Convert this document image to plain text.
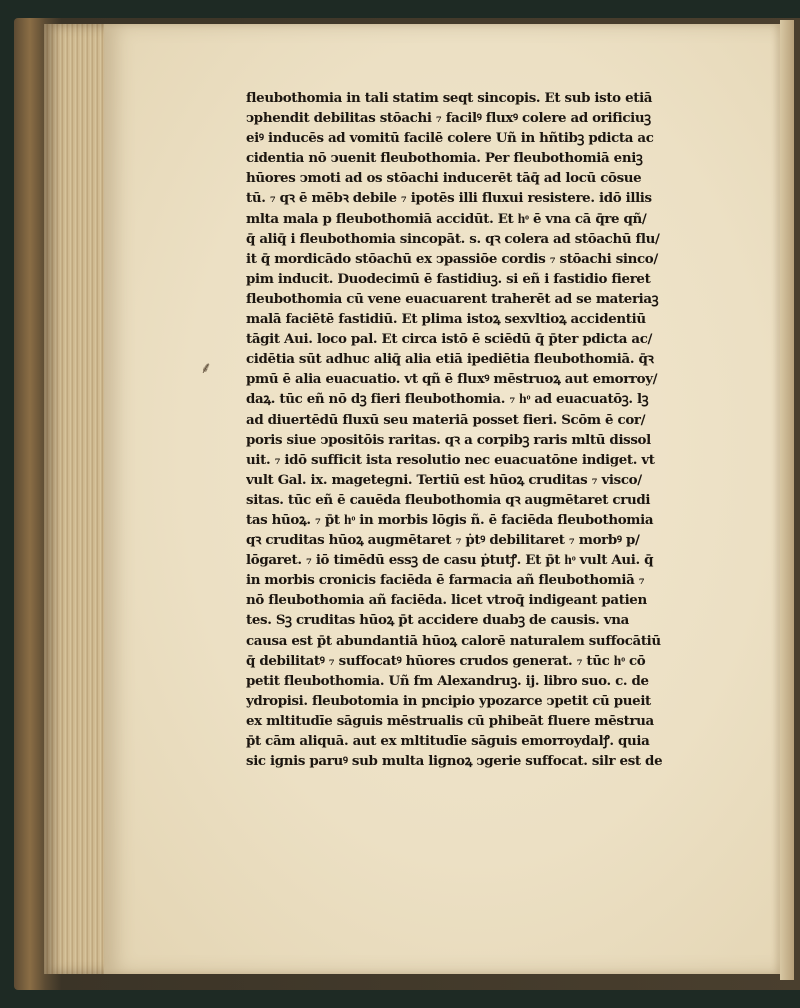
⸙
fleubothomia in tali statim seqt sincopis. Et sub isto etiā
ↄphendit debilitas stōachi ₇ facilꝰ fluxꝰ colere ad orificiuꝫ
eiꝰ inducēs ad vomitū facilē colere Uñ in hñtibꝫ pdicta ac
cidentia nō ↄuenit fleubothomia. Per fleubothomiā eniꝫ
hūores ↄmoti ad os stōachi inducerēt tāq̄ ad locū cōsue
tū. ₇ qꝛ ē mēbꝛ debile ₇ ipotēs illi fluxui resistere. idō illis
mlta mala p fleubothomiā accidūt. Et hͦ ē vna cā q̄re qñ/
q̄ aliq̄ i fleubothomia sincopāt. s. qꝛ colera ad stōachū flu/
it q̄ mordicādo stōachū ex ↄpassiōe cordis ₇ stōachi sinco/
pim inducit. Duodecimū ē fastidiuꝫ. si eñ i fastidio fieret
fleubothomia cū vene euacuarent traherēt ad se materiaꝫ
malā faciētē fastidiū. Et plima istoꝝ sexvltioꝝ accidentiū
tāgit Aui. loco pal. Et circa istō ē sciēdū q̄ p̄ter pdicta ac/
cidētia sūt adhuc aliq̄ alia etiā ipediētia fleubothomiā. q̄ꝛ
pmū ē alia euacuatio. vt qñ ē fluxꝰ mēstruoꝝ aut emorroy/
daꝝ. tūc eñ nō dꝫ fieri fleubothomia. ₇ hͦ ad euacuatōꝫ. lꝫ
ad diuertēdū fluxū seu materiā posset fieri. Scōm ē cor/
poris siue ↄpositōis raritas. qꝛ a corpibꝫ raris mltū dissol
uit. ₇ idō sufficit ista resolutio nec euacuatōne indiget. vt
vult Gal. ix. magetegni. Tertiū est hūoꝝ cruditas ₇ visco/
sitas. tūc eñ ē cauēda fleubothomia qꝛ augmētaret crudi
tas hūoꝝ. ₇ p̄t hͦ in morbis lōgis ñ. ē faciēda fleubothomia
qꝛ cruditas hūoꝝ augmētaret ₇ ṗtꝰ debilitaret ₇ morbꝰ p/
lōgaret. ₇ iō timēdū essꝫ de casu ṗtutꝭ. Et p̄t hͦ vult Aui. q̄
in morbis cronicis faciēda ē farmacia añ fleubothomiā ₇
nō fleubothomia añ faciēda. licet vtroq̄ indigeant patien
tes. Sꝫ cruditas hūoꝝ p̄t accidere duabꝫ de causis. vna
causa est p̄t abundantiā hūoꝝ calorē naturalem suffocātiū
q̄ debilitatꝰ ₇ suffocatꝰ hūores crudos generat. ₇ tūc hͦ cō
petit fleubothomia. Uñ fm Alexandruꝫ. ij. libro suo. c. de
ydropisi. fleubotomia in pncipio ypozarce ↄpetit cū pueit
ex mltitudīe sāguis mēstrualis cū phibeāt fluere mēstrua
p̄t cām aliquā. aut ex mltitudīe sāguis emorroydalꝭ. quia
sic ignis paruꝰ sub multa lignoꝝ ↄgerie suffocat. silr est de
